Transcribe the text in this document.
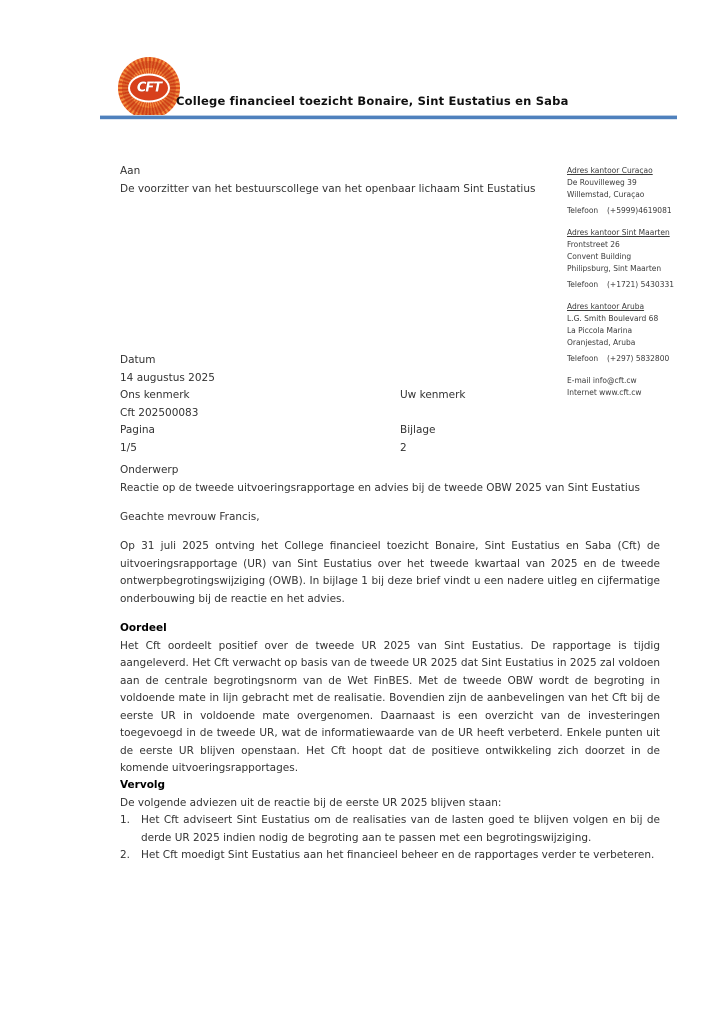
CFT
College financieel toezicht Bonaire, Sint Eustatius en Saba
Adres kantoor Curaçao
De Rouvilleweg 39
Willemstad, Curaçao
Telefoon (+5999)4619081
Adres kantoor Sint Maarten
Frontstreet 26
Convent Building
Philipsburg, Sint Maarten
Telefoon (+1721) 5430331
Adres kantoor Aruba
L.G. Smith Boulevard 68
La Piccola Marina
Oranjestad, Aruba
Telefoon (+297) 5832800
E-mail info@cft.cw
Internet www.cft.cw

Aan

De voorzitter van het bestuurscollege van het openbaar lichaam Sint Eustatius

Datum
14 augustus 2025
Ons kenmerk	Uw kenmerk
Cft 202500083
Pagina	Bijlage
1/5	2

Onderwerp

Reactie op de tweede uitvoeringsrapportage en advies bij de tweede OBW 2025 van Sint Eustatius

Geachte mevrouw Francis,

Op 31 juli 2025 ontving het College financieel toezicht Bonaire, Sint Eustatius en Saba (Cft) de uitvoeringsrapportage (UR) van Sint Eustatius over het tweede kwartaal van 2025 en de tweede ontwerpbegrotingswijziging (OWB). In bijlage 1 bij deze brief vindt u een nadere uitleg en cijfermatige onderbouwing bij de reactie en het advies.

Oordeel

Het Cft oordeelt positief over de tweede UR 2025 van Sint Eustatius. De rapportage is tijdig aangeleverd. Het Cft verwacht op basis van de tweede UR 2025 dat Sint Eustatius in 2025 zal voldoen aan de centrale begrotingsnorm van de Wet FinBES. Met de tweede OBW wordt de begroting in voldoende mate in lijn gebracht met de realisatie. Bovendien zijn de aanbevelingen van het Cft bij de eerste UR in voldoende mate overgenomen. Daarnaast is een overzicht van de investeringen toegevoegd in de tweede UR, wat de informatiewaarde van de UR heeft verbeterd. Enkele punten uit de eerste UR blijven openstaan. Het Cft hoopt dat de positieve ontwikkeling zich doorzet in de komende uitvoeringsrapportages.

Vervolg

De volgende adviezen uit de reactie bij de eerste UR 2025 blijven staan:

1.	Het Cft adviseert Sint Eustatius om de realisaties van de lasten goed te blijven volgen en bij de derde UR 2025 indien nodig de begroting aan te passen met een begrotingswijziging.
2.	Het Cft moedigt Sint Eustatius aan het financieel beheer en de rapportages verder te verbeteren.
